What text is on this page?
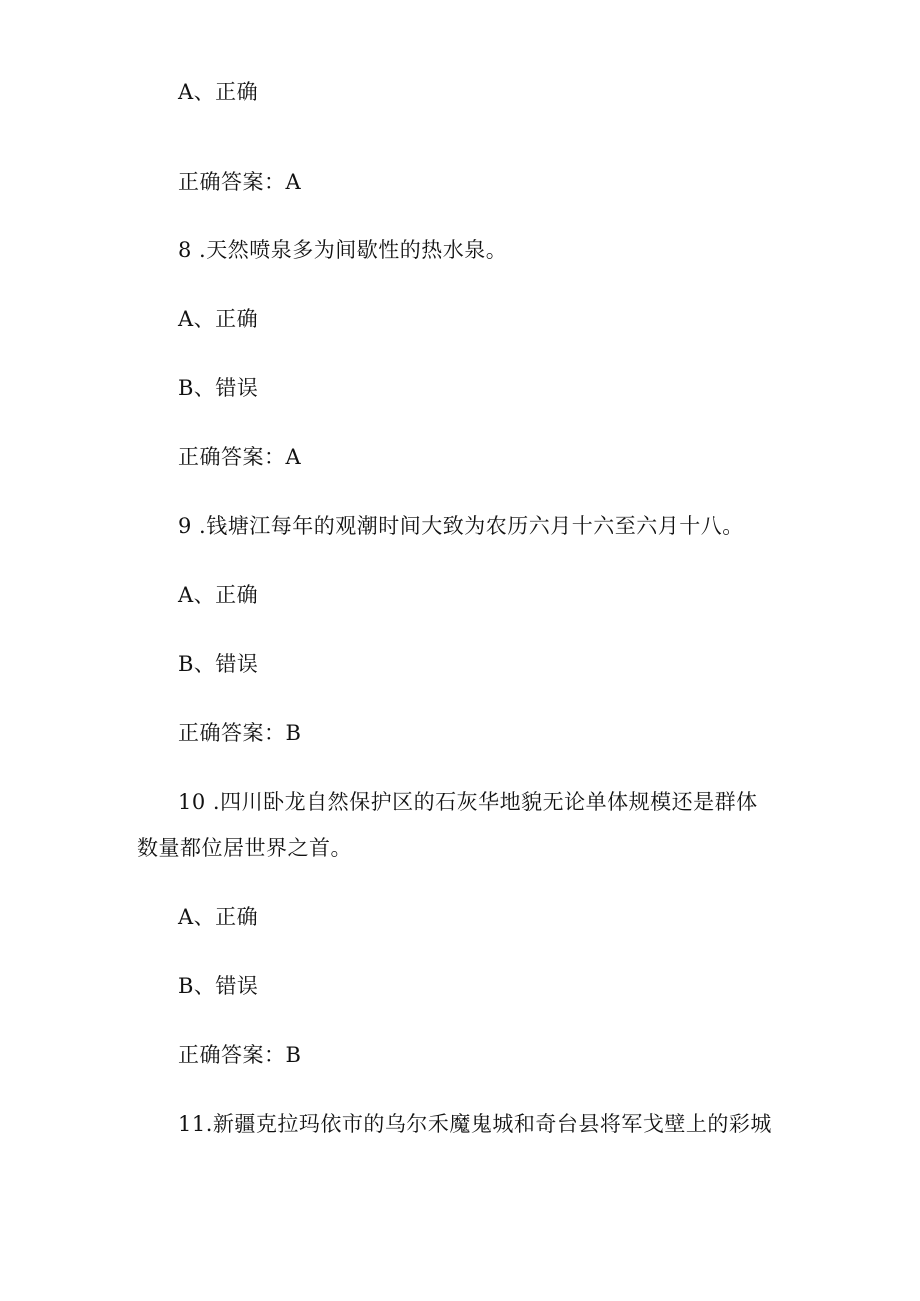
A、正确
正确答案：A
8 .天然喷泉多为间歇性的热水泉。
A、正确
B、错误
正确答案：A
9 .钱塘江每年的观潮时间大致为农历六月十六至六月十八。
A、正确
B、错误
正确答案：B
10 .四川卧龙自然保护区的石灰华地貌无论单体规模还是群体
数量都位居世界之首。
A、正确
B、错误
正确答案：B
11.新疆克拉玛依市的乌尔禾魔鬼城和奇台县将军戈壁上的彩城
